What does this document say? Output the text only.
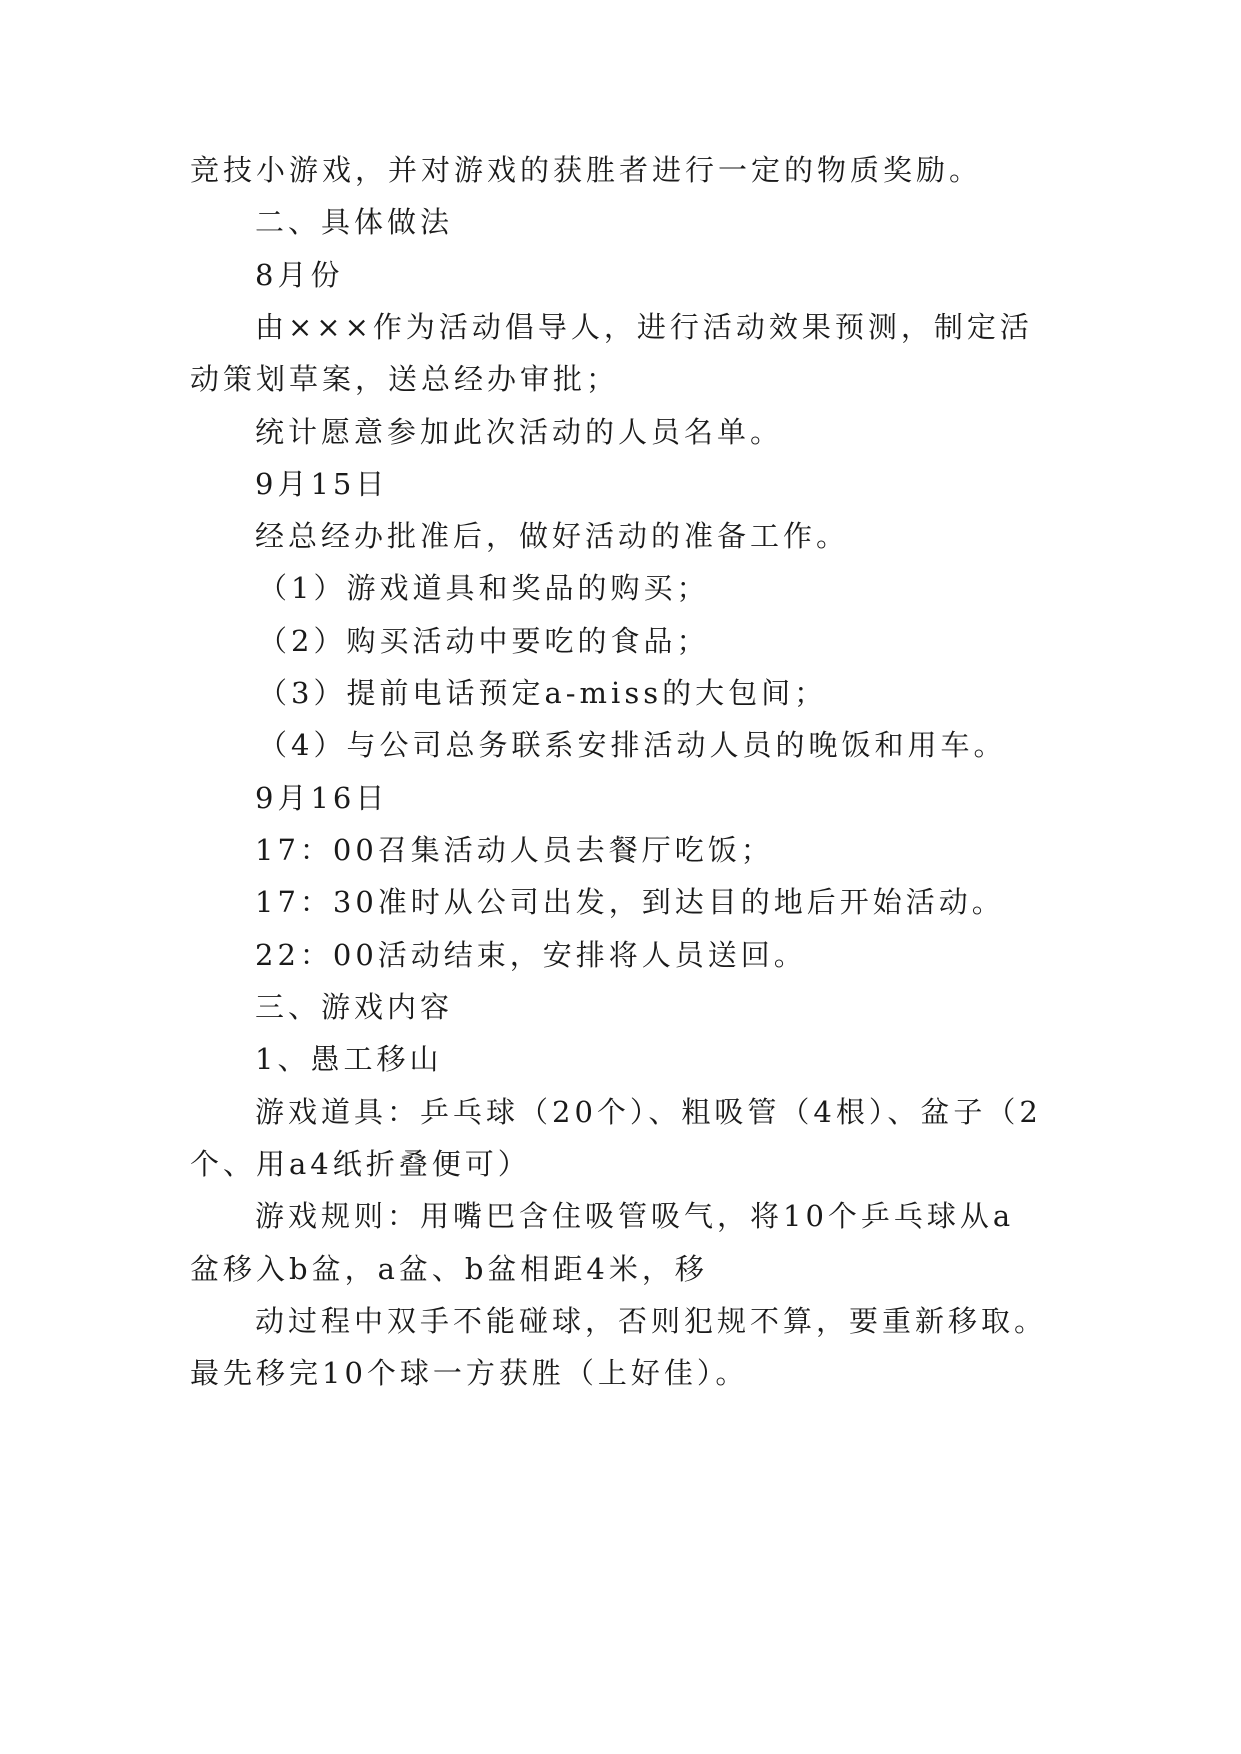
竞技小游戏，并对游戏的获胜者进行一定的物质奖励。
二、具体做法
8月份
由×××作为活动倡导人，进行活动效果预测，制定活
动策划草案，送总经办审批；
统计愿意参加此次活动的人员名单。
9月15日
经总经办批准后，做好活动的准备工作。
（1）游戏道具和奖品的购买；
（2）购买活动中要吃的食品；
（3）提前电话预定a-miss的大包间；
（4）与公司总务联系安排活动人员的晚饭和用车。
9月16日
17：00召集活动人员去餐厅吃饭；
17：30准时从公司出发，到达目的地后开始活动。
22：00活动结束，安排将人员送回。
三、游戏内容
1、愚工移山
游戏道具：乒乓球（20个）、粗吸管（4根）、盆子（2
个、用a4纸折叠便可）
游戏规则：用嘴巴含住吸管吸气，将10个乒乓球从a
盆移入b盆，a盆、b盆相距4米，移
动过程中双手不能碰球，否则犯规不算，要重新移取。
最先移完10个球一方获胜（上好佳）。
